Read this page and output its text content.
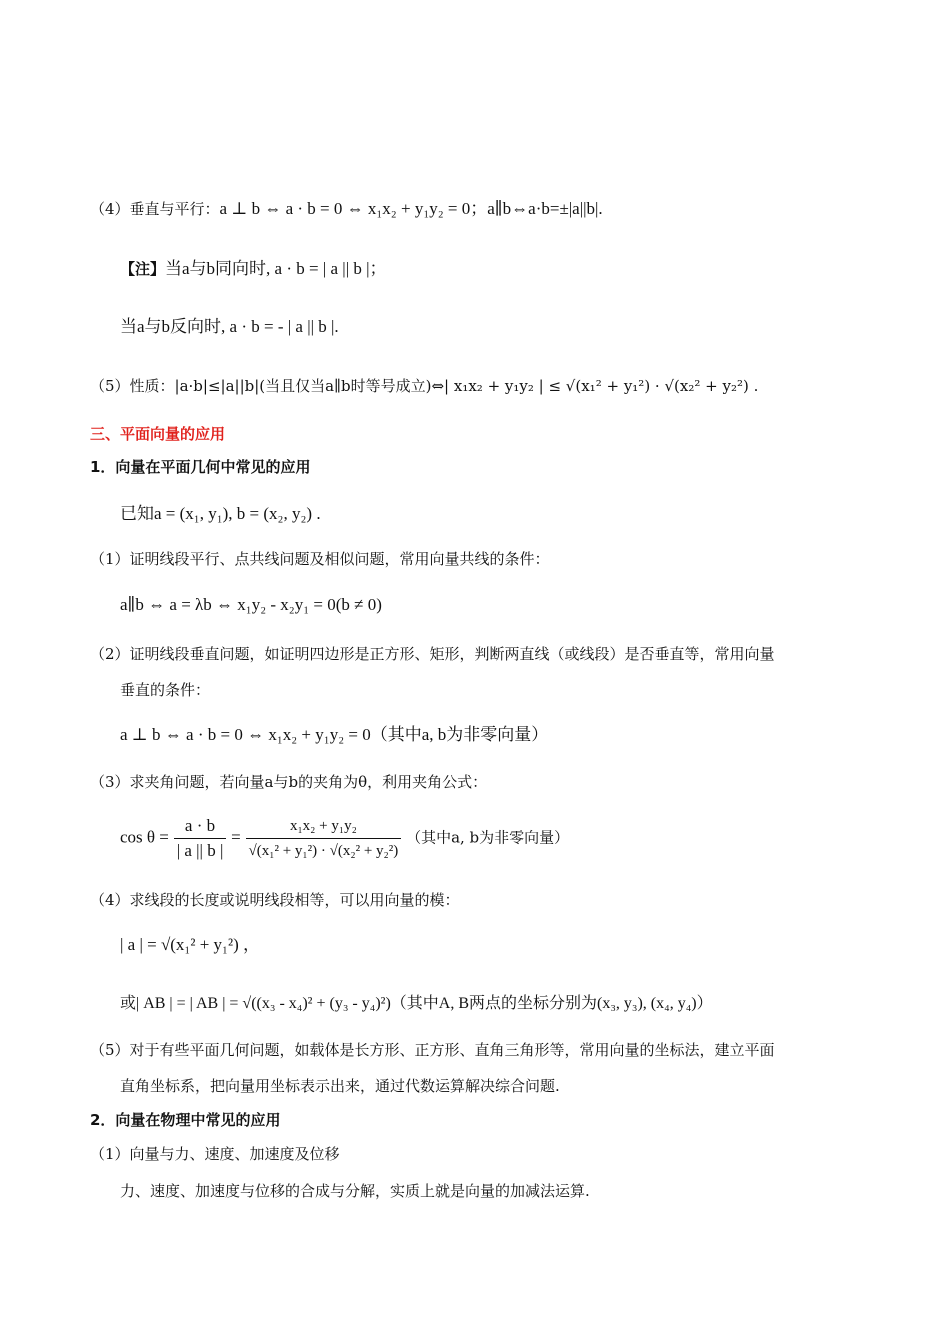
（4）垂直与平行：a ⊥ b ⇔ a · b = 0 ⇔ x₁x₂ + y₁y₂ = 0；a∥b⇔a·b=±|a||b|.
【注】当a与b同向时, a · b = | a || b |；
当a与b反向时, a · b = - | a || b |.
（5）性质：|a·b|≤|a||b|(当且仅当a∥b时等号成立)⇔| x₁x₂ + y₁y₂ | ≤ √(x₁² + y₁²) · √(x₂² + y₂²) .
三、平面向量的应用
1．向量在平面几何中常见的应用
已知a = (x₁, y₁), b = (x₂, y₂) .
（1）证明线段平行、点共线问题及相似问题，常用向量共线的条件：
a∥b ⇔ a = λb ⇔ x₁y₂ - x₂y₁ = 0(b ≠ 0)
（2）证明线段垂直问题，如证明四边形是正方形、矩形，判断两直线（或线段）是否垂直等，常用向量
垂直的条件：
a ⊥ b ⇔ a · b = 0 ⇔ x₁x₂ + y₁y₂ = 0（其中a, b为非零向量）
（3）求夹角问题，若向量a与b的夹角为θ，利用夹角公式：
$\cos \theta = \frac{a \cdot b}{| a || b |} = \frac{\text{x₁x₂ + y₁y₂}}{\text{√(x₁² + y₁²) · √(x₂² + y₂²)}}$ （其中a, b为非零向量）
（4）求线段的长度或说明线段相等，可以用向量的模：
| a | = √(x₁² + y₁²) ，
或| AB | = | AB | = √((x₃ - x₄)² + (y₃ - y₄)²)（其中A, B两点的坐标分别为(x₃, y₃), (x₄, y₄)）
（5）对于有些平面几何问题，如载体是长方形、正方形、直角三角形等，常用向量的坐标法，建立平面
直角坐标系，把向量用坐标表示出来，通过代数运算解决综合问题.
2．向量在物理中常见的应用
（1）向量与力、速度、加速度及位移
力、速度、加速度与位移的合成与分解，实质上就是向量的加减法运算.
